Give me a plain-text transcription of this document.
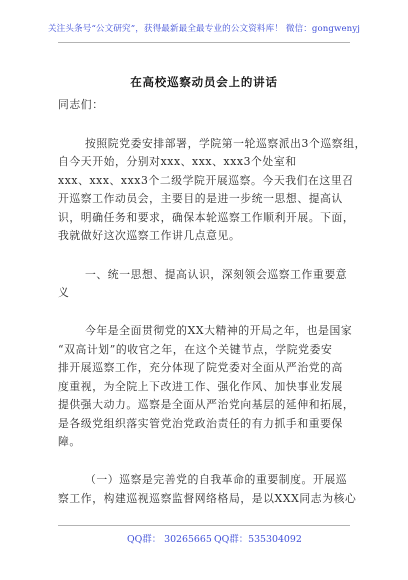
关注头条号“公文研究”，获得最新最全最专业的公文资料库！ 微信：gongwenyj
在高校巡察动员会上的讲话
同志们：
按照院党委安排部署，学院第一轮巡察派出3个巡察组，
自今天开始，分别对xxx、xxx、xxx3个处室和
xxx、xxx、xxx3个二级学院开展巡察。今天我们在这里召
开巡察工作动员会，主要目的是进一步统一思想、提高认
识，明确任务和要求，确保本轮巡察工作顺利开展。下面，
我就做好这次巡察工作讲几点意见。
一、统一思想、提高认识，深刻领会巡察工作重要意
义
今年是全面贯彻党的XX大精神的开局之年，也是国家
“双高计划”的收官之年，在这个关键节点，学院党委安
排开展巡察工作，充分体现了院党委对全面从严治党的高
度重视，为全院上下改进工作、强化作风、加快事业发展
提供强大动力。巡察是全面从严治党向基层的延伸和拓展，
是各级党组织落实管党治党政治责任的有力抓手和重要保
障。
（一）巡察是完善党的自我革命的重要制度。开展巡
察工作，构建巡视巡察监督网络格局，是以XXX同志为核心
QQ群： 30265665 QQ群：535304092
